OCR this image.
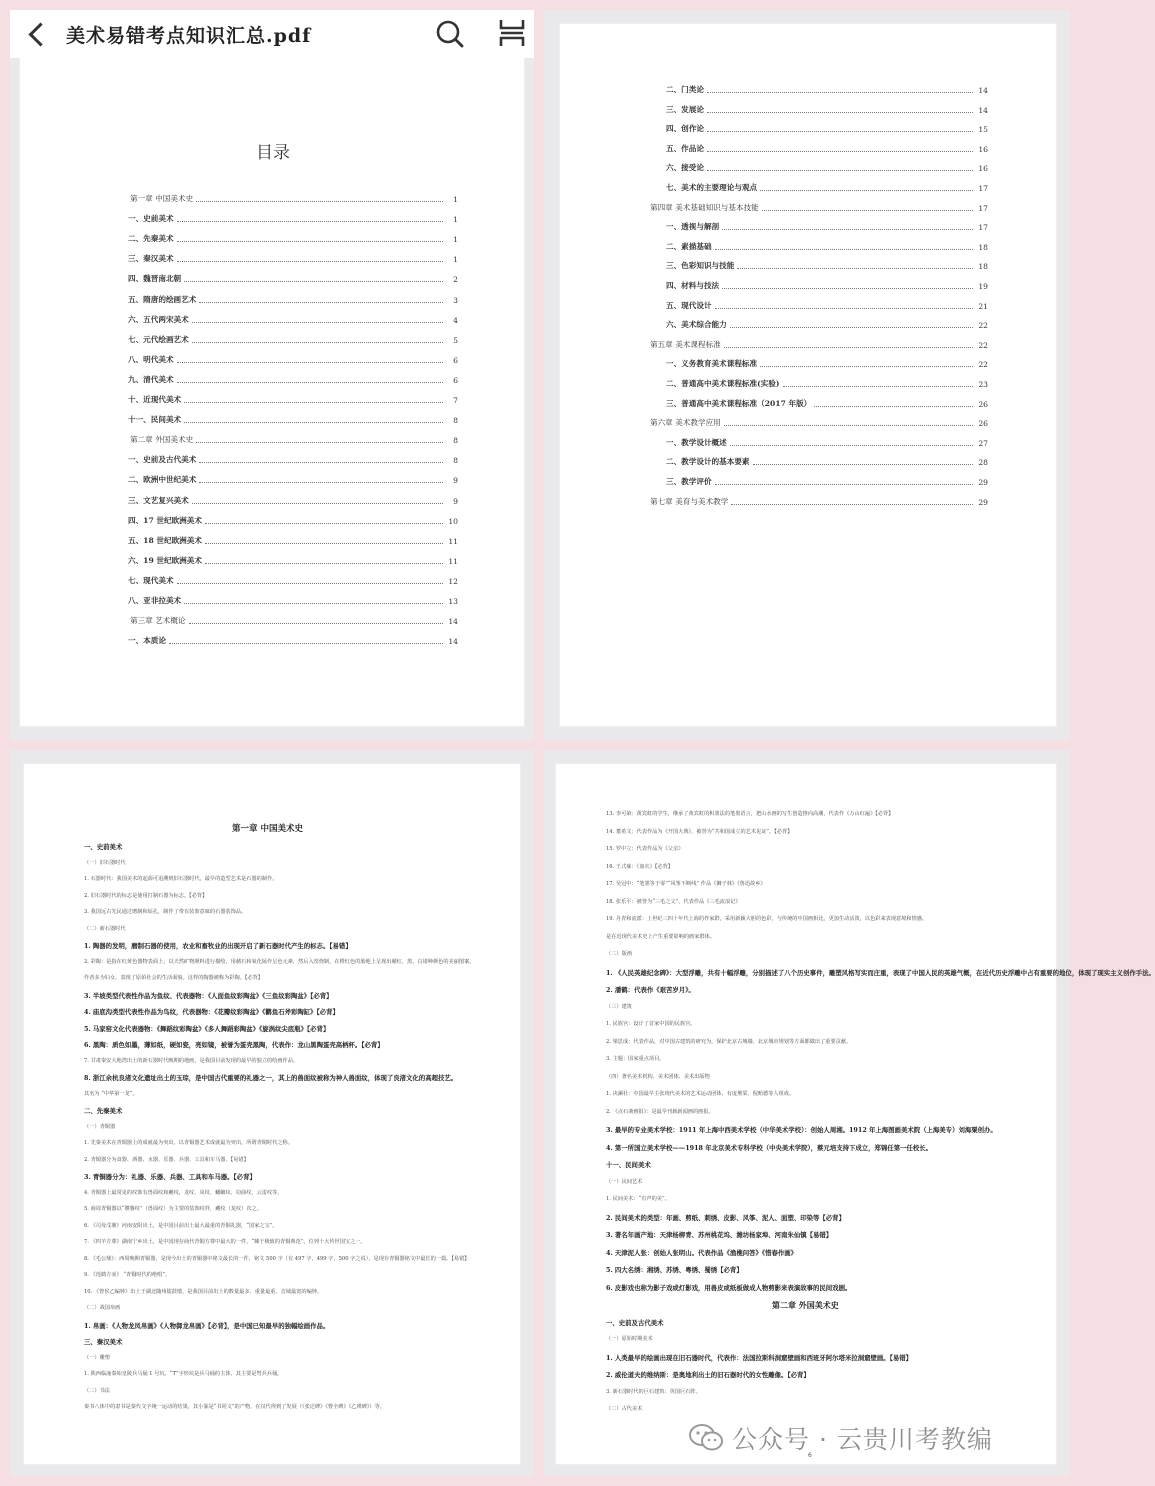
美术易错考点知识汇总.pdf
目录
第一章 中国美术史	1
一、史前美术	1
二、先秦美术	1
三、秦汉美术	1
四、魏晋南北朝	2
五、隋唐的绘画艺术	3
六、五代两宋美术	4
七、元代绘画艺术	5
八、明代美术	6
九、清代美术	6
十、近现代美术	7
十一、民间美术	8
第二章 外国美术史	8
一、史前及古代美术	8
二、欧洲中世纪美术	9
三、文艺复兴美术	9
四、17 世纪欧洲美术	10
五、18 世纪欧洲美术	11
六、19 世纪欧洲美术	11
七、现代美术	12
八、亚非拉美术	13
第三章 艺术概论	14
一、本质论	14
二、门类论	14
三、发展论	14
四、创作论	15
五、作品论	16
六、接受论	16
七、美术的主要理论与观点	17
第四章 美术基础知识与基本技能	17
一、透视与解剖	17
二、素描基础	18
三、色彩知识与技能	18
四、材料与技法	19
五、现代设计	21
六、美术综合能力	22
第五章 美术课程标准	22
一、义务教育美术课程标准	22
二、普通高中美术课程标准(实验)	23
三、普通高中美术课程标准（2017 年版）	26
第六章 美术教学应用	26
一、教学设计概述	27
二、教学设计的基本要素	28
三、教学评价	29
第七章 美育与美术教学	29
第一章 中国美术史
一、史前美术
（一）旧石器时代
1. 石器时代：我国美术的起源可追溯到旧石器时代，最早的造型艺术是石器的制作。
2. 旧石器时代的标志是使用打制石器为标志。【必背】
3. 我国远古先民通过磨制和钻孔，制作了带有装饰意味的石器装饰品。
（二）新石器时代
1. 陶器的发明，磨制石器的使用，农业和畜牧业的出现开启了新石器时代产生的标志。【易错】
2. 彩陶：是指在红黄色器物表面上，以天然矿物颜料进行描绘，用赭石和氧化锰作呈色元素，然后入窑烧制，在橙红色的胎地上呈现出赭红、黑、白诸种颜色的美丽图案。
作者多为妇女，表现了原始社会的生活面貌。这样的陶器被称为彩陶。【必背】
3. 半坡类型代表性作品为鱼纹、代表器物：《人面鱼纹彩陶盆》《三鱼纹彩陶盆》【必背】
4. 庙底沟类型代表性作品为鸟纹，代表器物：《花瓣纹彩陶盆》《鹳鱼石斧彩陶缸》【必背】
5. 马家窑文化代表器物：《舞蹈纹彩陶盆》《多人舞蹈彩陶盆》《旋涡纹尖底瓶》【必背】
6. 黑陶：质色如墨，薄如纸，硬如瓷，亮如镜，被誉为蛋壳黑陶，代表作：龙山黑陶蛋壳高柄杯。【必背】
7. 甘肃秦安大地湾出土的新石器时代晚期的地画，是我国目前发现的最早的独立的绘画作品。
8. 浙江余杭良渚文化遗址出土的玉琮，是中国古代重要的礼器之一，其上的兽面纹被称为神人兽面纹，体现了良渚文化的高超技艺。
其名为 “中华第一龙”。
二、先秦美术
（一）青铜器
1. 先秦美术在青铜器上的成就最为突出，以青铜器艺术成就最为突出，所谓青铜时代之称。
2. 青铜器分为食器、酒器、水器、乐器、兵器、工具和车马器。【易错】
3. 青铜器分为：礼器、乐器、兵器、工具和车马器。【必背】
4. 青铜器上最常见的纹饰有兽面纹和夔纹，龙纹、凤纹、蟠螭纹、窃曲纹、云雷纹等。
5. 商周青铜器以“饕餮纹”（兽面纹）为主要的装饰纹样，夔纹（龙纹）次之。
6. 《司母戊鼎》河南安阳出土，是中国目前出土最大最重的青铜礼器，“国家之宝”。
7. 《四羊方尊》湖南宁乡出土，是中国现存商代青铜方尊中最大的一件，“臻于极致的青铜典范”，位列十大传世国宝之一。
8. 《毛公鼎》：西周晚期青铜器，是现今出土的青铜器中铭文最长的一件，铭文 500 字（有 497 字，499 字，500 字之说），是现存青铜器铭文中最长的一篇。【易错】
9. 《莲鹤方壶》 “青铜时代的绝唱”。
10. 《曾侯乙编钟》出土于湖北随州擂鼓墩，是我国目前出土的数量最多、重量最重、音域最宽的编钟。
（二）战国帛画
1. 帛画：《人物龙凤帛画》《人物御龙帛画》【必背】，是中国已知最早的独幅绘画作品。
三、秦汉美术
（一）雕塑
1. 陕西临潼秦始皇陵兵马俑 1 号坑、“T”字形坑是兵马俑的主体，其主要是弩兵兵俑。
（二）书法
秦书八体中的隶书是秦代文字统一运动的结果，其小篆是“书同文”的产物，在汉代得到了发展（《张迁碑》《曹全碑》《乙瑛碑》）等。
13. 李可染：黄宾虹的学生，继承了黄宾虹的积墨法的笔墨语言，把山水画的写生创造推向高潮，代表作《万山红遍》【必背】
14. 董希文：代表作品为《开国大典》，被誉为“共和国成立的艺术见证”。【必背】
15. 罗中立：代表作品为《父亲》
16. 王式廓：《血衣》【必背】
17. 吴冠中：“笔墨等于零”“风筝不断线” 作品《狮子林》《鲁迅故乡》
18. 张乐平：被誉为“三毛之父”，代表作品《三毛流浪记》
19. 丹青和流派：上世纪三四十年代上海的作家群，采用新颖大胆的色彩，与传统的中国画相比，更加生动活泼，以色彩来表现意境和情感。
是在近现代美术史上产生重要影响的画家群体。
（二）版画
1. 《人民英雄纪念碑》：大型浮雕，共有十幅浮雕，分别描述了八个历史事件，雕塑风格写实而庄重，表现了中国人民的英雄气概，在近代历史浮雕中占有重要的地位，体现了现实主义创作手法。
2. 潘鹤：代表作《艰苦岁月》。
（三）建筑
1. 民族宫：设计了首家中国的民族宫。
2. 梁思成：代表作品，对中国古建筑的研究为，保护北京古城墙、北京城市规划等方面都做出了重要贡献。
3. 主题：国家重点项目。
（四）著名美术机构、美术团体、美术出版物
1. 决澜社：中国最早主张现代美术的艺术运动团体，有庞薰琹、倪贻德等人组成。
2. 《点石斋画报》：是最早刊载新闻画的画报。
3. 最早的专业美术学校：1911 年上海中西美术学校（中华美术学校）：创始人周湘。1912 年上海图画美术院（上海美专）刘海粟创办。
4. 第一所国立美术学校——1918 年北京美术专科学校（中央美术学院），蔡元培支持下成立，郑锦任第一任校长。
十一、民间美术
（一）民间艺术
1. 民间美术：“有声的美”。
2. 民间美术的类型：年画、剪纸、刺绣、皮影、风筝、泥人、面塑、印染等【必背】
3. 著名年画产地：天津杨柳青、苏州桃花坞、潍坊杨家埠、河南朱仙镇【易错】
4. 天津泥人张：创始人张明山。代表作品《渔樵问答》《惜春作画》
5. 四大名绣：湘绣、苏绣、粤绣、蜀绣【必背】
6. 皮影戏也称为影子戏或灯影戏，用兽皮或纸板做成人物剪影来表演故事的民间戏剧。
第二章 外国美术史
一、史前及古代美术
（一）原始时期美术
1. 人类最早的绘画出现在旧石器时代，代表作：法国拉斯科洞窟壁画和西班牙阿尔塔米拉洞窟壁画。【易错】
2. 威伦道夫的维纳斯：是奥地利出土的旧石器时代的女性雕像。【必背】
3. 新石器时代的巨石建筑：英国巨石阵。
（二）古代美术
6
公众号 · 云贵川考教编
